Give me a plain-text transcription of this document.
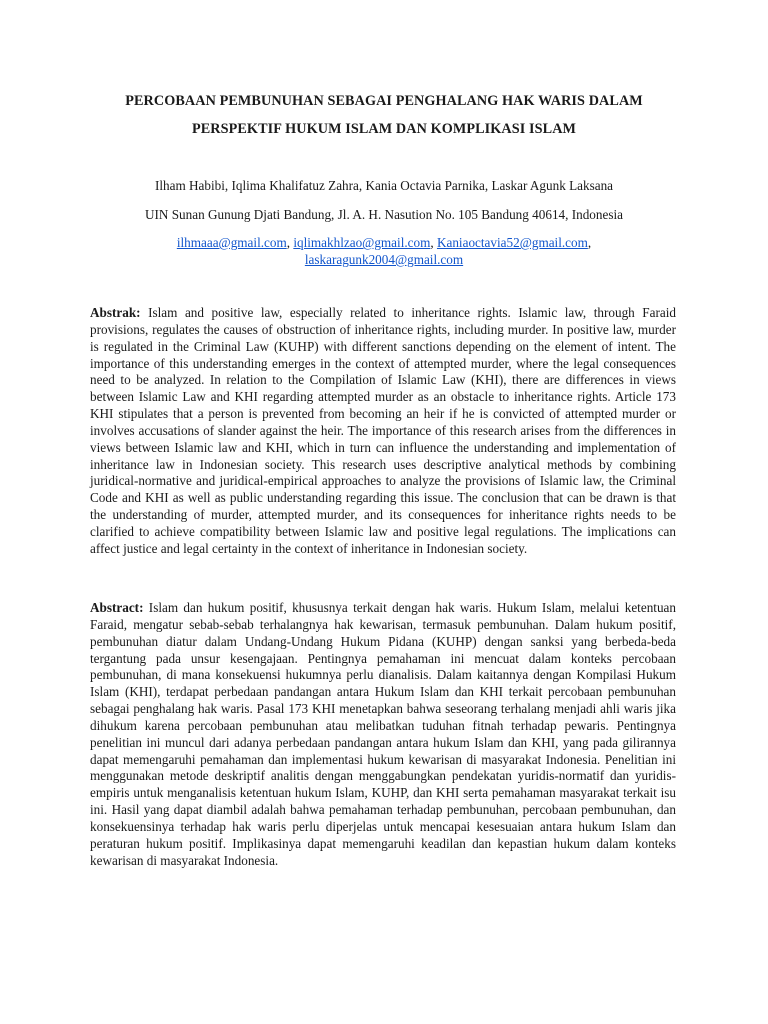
PERCOBAAN PEMBUNUHAN SEBAGAI PENGHALANG HAK WARIS DALAM
PERSPEKTIF HUKUM ISLAM DAN KOMPLIKASI ISLAM
Ilham Habibi, Iqlima Khalifatuz Zahra, Kania Octavia Parnika, Laskar Agunk Laksana
UIN Sunan Gunung Djati Bandung, Jl. A. H. Nasution No. 105 Bandung 40614, Indonesia
ilhmaaa@gmail.com, iqlimakhlzao@gmail.com, Kaniaoctavia52@gmail.com,
laskaragunk2004@gmail.com
Abstrak: Islam and positive law, especially related to inheritance rights. Islamic law, through Faraid provisions, regulates the causes of obstruction of inheritance rights, including murder. In positive law, murder is regulated in the Criminal Law (KUHP) with different sanctions depending on the element of intent. The importance of this understanding emerges in the context of attempted murder, where the legal consequences need to be analyzed. In relation to the Compilation of Islamic Law (KHI), there are differences in views between Islamic Law and KHI regarding attempted murder as an obstacle to inheritance rights. Article 173 KHI stipulates that a person is prevented from becoming an heir if he is convicted of attempted murder or involves accusations of slander against the heir. The importance of this research arises from the differences in views between Islamic law and KHI, which in turn can influence the understanding and implementation of inheritance law in Indonesian society. This research uses descriptive analytical methods by combining juridical-normative and juridical-empirical approaches to analyze the provisions of Islamic law, the Criminal Code and KHI as well as public understanding regarding this issue. The conclusion that can be drawn is that the understanding of murder, attempted murder, and its consequences for inheritance rights needs to be clarified to achieve compatibility between Islamic law and positive legal regulations. The implications can affect justice and legal certainty in the context of inheritance in Indonesian society.
Abstract: Islam dan hukum positif, khususnya terkait dengan hak waris. Hukum Islam, melalui ketentuan Faraid, mengatur sebab-sebab terhalangnya hak kewarisan, termasuk pembunuhan. Dalam hukum positif, pembunuhan diatur dalam Undang-Undang Hukum Pidana (KUHP) dengan sanksi yang berbeda-beda tergantung pada unsur kesengajaan. Pentingnya pemahaman ini mencuat dalam konteks percobaan pembunuhan, di mana konsekuensi hukumnya perlu dianalisis. Dalam kaitannya dengan Kompilasi Hukum Islam (KHI), terdapat perbedaan pandangan antara Hukum Islam dan KHI terkait percobaan pembunuhan sebagai penghalang hak waris. Pasal 173 KHI menetapkan bahwa seseorang terhalang menjadi ahli waris jika dihukum karena percobaan pembunuhan atau melibatkan tuduhan fitnah terhadap pewaris. Pentingnya penelitian ini muncul dari adanya perbedaan pandangan antara hukum Islam dan KHI, yang pada gilirannya dapat memengaruhi pemahaman dan implementasi hukum kewarisan di masyarakat Indonesia. Penelitian ini menggunakan metode deskriptif analitis dengan menggabungkan pendekatan yuridis-normatif dan yuridis-empiris untuk menganalisis ketentuan hukum Islam, KUHP, dan KHI serta pemahaman masyarakat terkait isu ini. Hasil yang dapat diambil adalah bahwa pemahaman terhadap pembunuhan, percobaan pembunuhan, dan konsekuensinya terhadap hak waris perlu diperjelas untuk mencapai kesesuaian antara hukum Islam dan peraturan hukum positif. Implikasinya dapat memengaruhi keadilan dan kepastian hukum dalam konteks kewarisan di masyarakat Indonesia.
